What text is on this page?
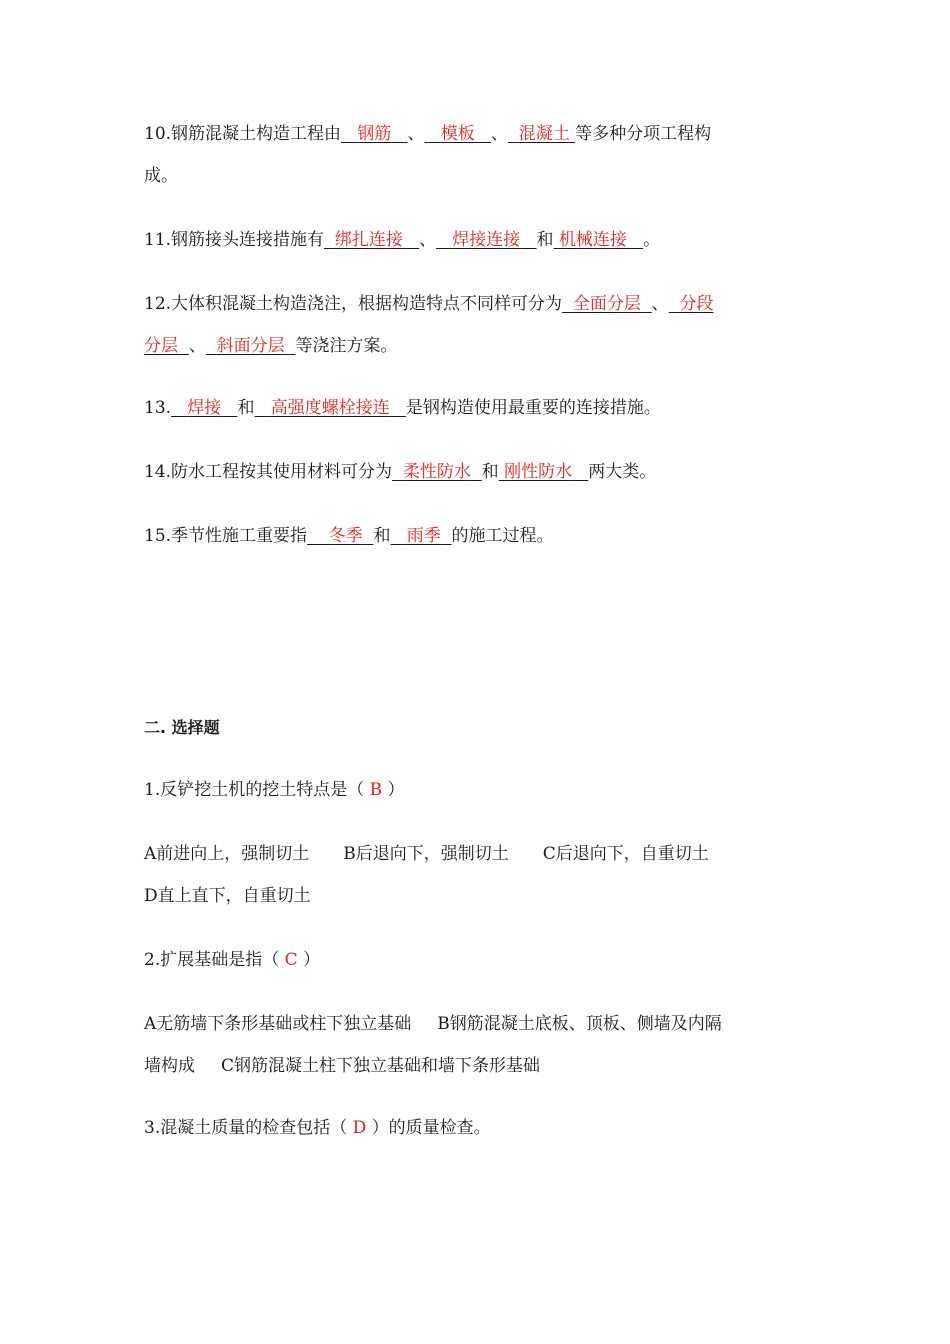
10.钢筋混凝土构造工程由 钢筋 、 模板 、 混凝土 等多种分项工程构
成。
11.钢筋接头连接措施有 绑扎连接 、 焊接连接 和 机械连接 。
12.大体积混凝土构造浇注，根据构造特点不同样可分为 全面分层 、 分段
分层 、 斜面分层 等浇注方案。
13. 焊接 和 高强度螺栓接连 是钢构造使用最重要的连接措施。
14.防水工程按其使用材料可分为 柔性防水 和 刚性防水 两大类。
15.季节性施工重要指 冬季 和 雨季 的施工过程。
二. 选择题
1.反铲挖土机的挖土特点是（ B ）
A前进向上，强制切土 B后退向下，强制切土 C后退向下，自重切土
D直上直下，自重切土
2.扩展基础是指（ C ）
A无筋墙下条形基础或柱下独立基础 B钢筋混凝土底板、顶板、侧墙及内隔
墙构成 C钢筋混凝土柱下独立基础和墙下条形基础
3.混凝土质量的检查包括（ D ）的质量检查。
